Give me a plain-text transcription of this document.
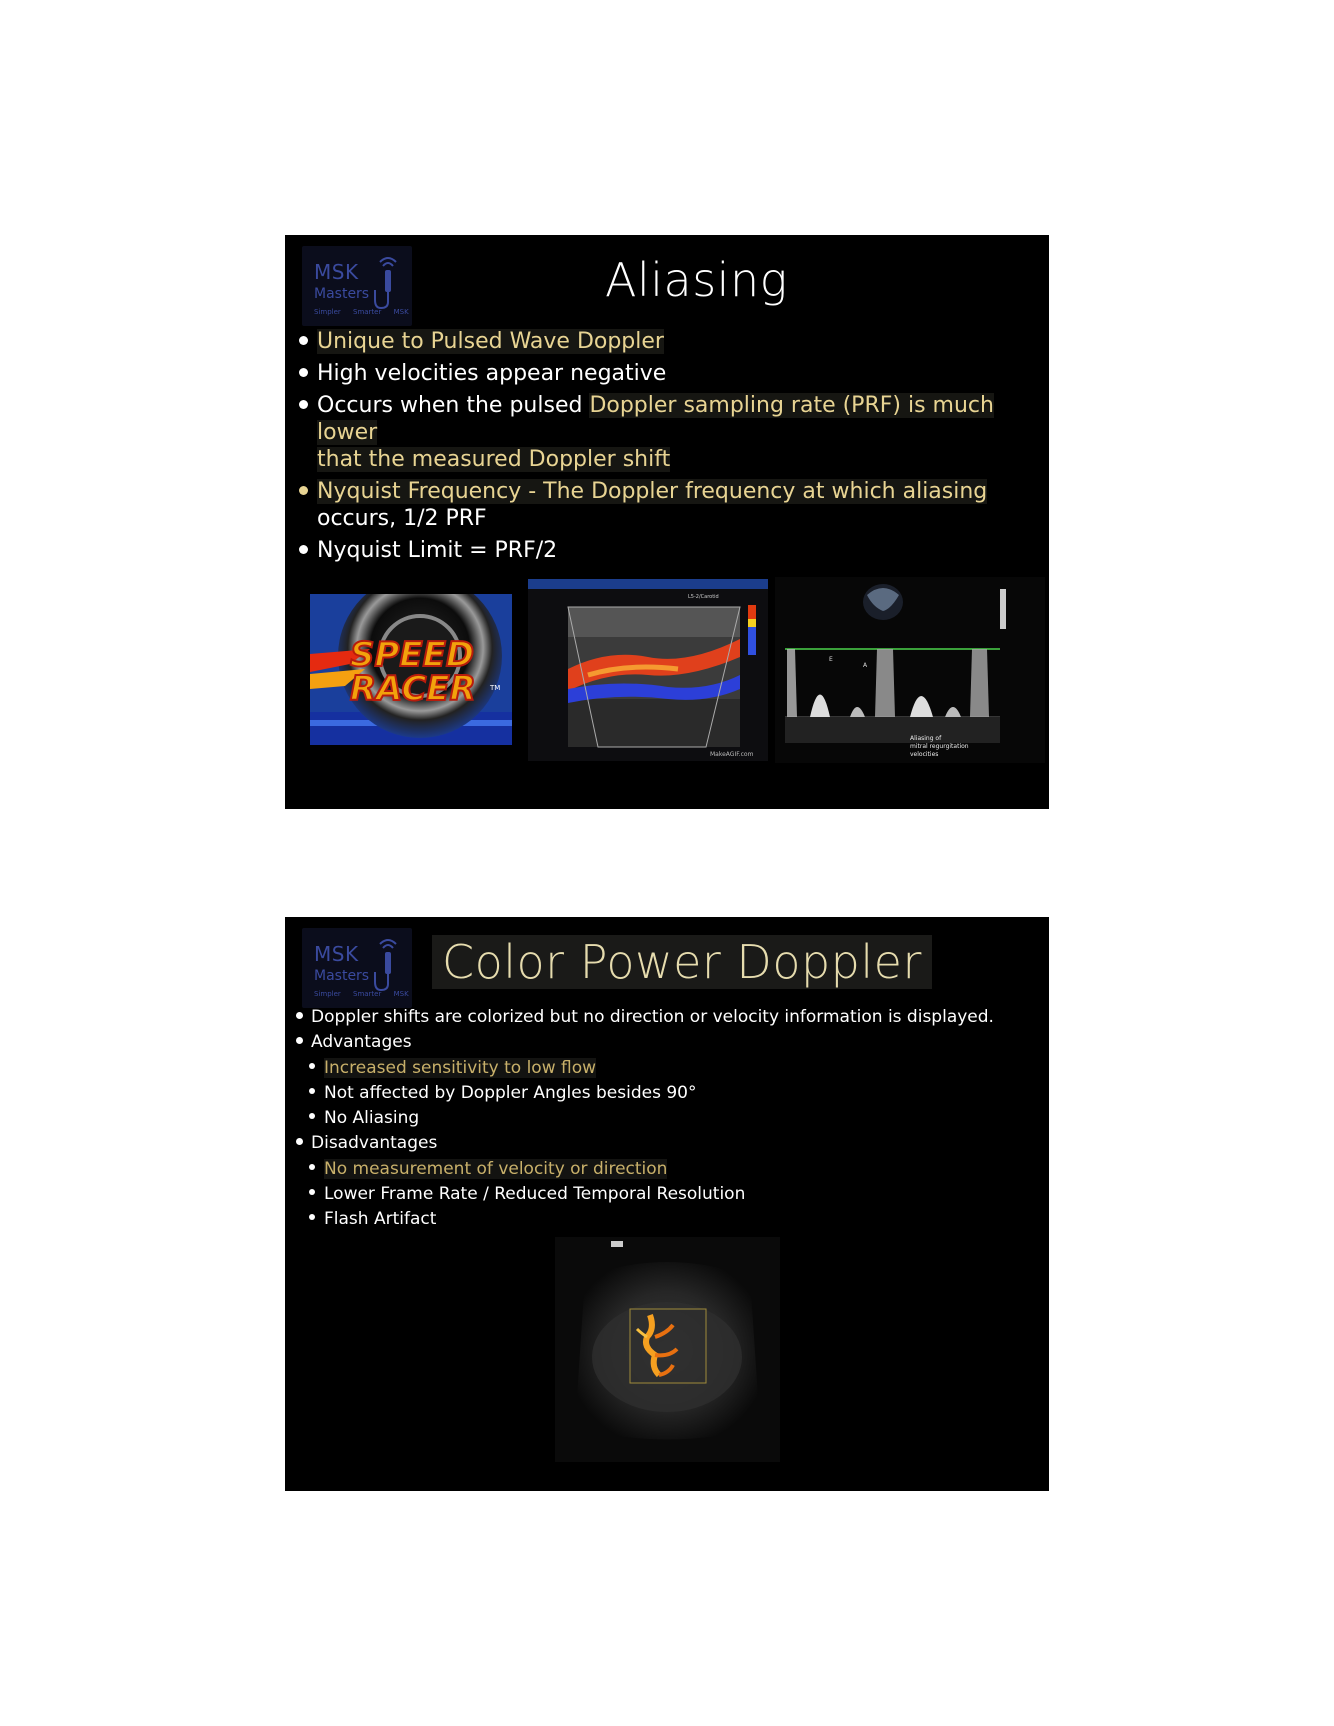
MSK
Masters
Simpler Smarter MSK
Aliasing
Unique to Pulsed Wave Doppler
High velocities appear negative
Occurs when the pulsed Doppler sampling rate (PRF) is much lower
that the measured Doppler shift
Nyquist Frequency - The Doppler frequency at which aliasing
occurs, 1/2 PRF
Nyquist Limit = PRF/2
SPEED
RACER TM
L5-2/Carotid
MakeAGIF.com
E
A
Aliasing of
mitral regurgitation
velocities
MSK
Masters
Simpler Smarter MSK
Color Power Doppler
Doppler shifts are colorized but no direction or velocity information is displayed.
Advantages
Increased sensitivity to low flow
Not affected by Doppler Angles besides 90°
No Aliasing
Disadvantages
No measurement of velocity or direction
Lower Frame Rate / Reduced Temporal Resolution
Flash Artifact
